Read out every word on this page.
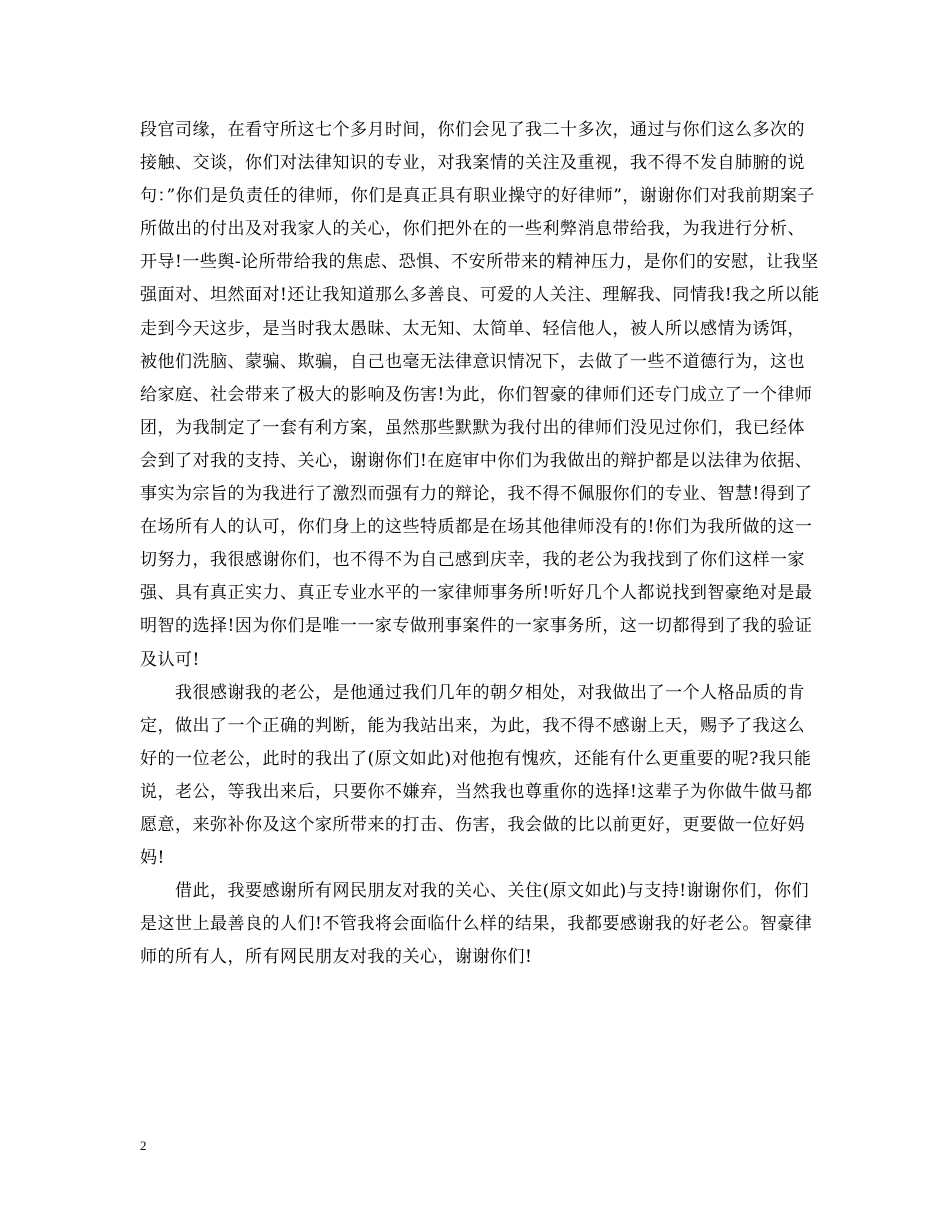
段官司缘，在看守所这七个多月时间，你们会见了我二十多次，通过与你们这么多次的接触、交谈，你们对法律知识的专业，对我案情的关注及重视，我不得不发自肺腑的说句：”你们是负责任的律师，你们是真正具有职业操守的好律师”，谢谢你们对我前期案子所做出的付出及对我家人的关心，你们把外在的一些利弊消息带给我，为我进行分析、开导!一些舆-论所带给我的焦虑、恐惧、不安所带来的精神压力，是你们的安慰，让我坚强面对、坦然面对!还让我知道那么多善良、可爱的人关注、理解我、同情我!我之所以能走到今天这步，是当时我太愚昧、太无知、太简单、轻信他人，被人所以感情为诱饵，被他们洗脑、蒙骗、欺骗，自己也毫无法律意识情况下，去做了一些不道德行为，这也给家庭、社会带来了极大的影响及伤害!为此，你们智豪的律师们还专门成立了一个律师团，为我制定了一套有利方案，虽然那些默默为我付出的律师们没见过你们，我已经体会到了对我的支持、关心，谢谢你们!在庭审中你们为我做出的辩护都是以法律为依据、事实为宗旨的为我进行了激烈而强有力的辩论，我不得不佩服你们的专业、智慧!得到了在场所有人的认可，你们身上的这些特质都是在场其他律师没有的!你们为我所做的这一切努力，我很感谢你们，也不得不为自己感到庆幸，我的老公为我找到了你们这样一家强、具有真正实力、真正专业水平的一家律师事务所!听好几个人都说找到智豪绝对是最明智的选择!因为你们是唯一一家专做刑事案件的一家事务所，这一切都得到了我的验证及认可!

我很感谢我的老公，是他通过我们几年的朝夕相处，对我做出了一个人格品质的肯定，做出了一个正确的判断，能为我站出来，为此，我不得不感谢上天，赐予了我这么好的一位老公，此时的我出了(原文如此)对他抱有愧疚，还能有什么更重要的呢?我只能说，老公，等我出来后，只要你不嫌弃，当然我也尊重你的选择!这辈子为你做牛做马都愿意，来弥补你及这个家所带来的打击、伤害，我会做的比以前更好，更要做一位好妈妈!

借此，我要感谢所有网民朋友对我的关心、关住(原文如此)与支持!谢谢你们，你们是这世上最善良的人们!不管我将会面临什么样的结果，我都要感谢我的好老公。智豪律师的所有人，所有网民朋友对我的关心，谢谢你们!

2
